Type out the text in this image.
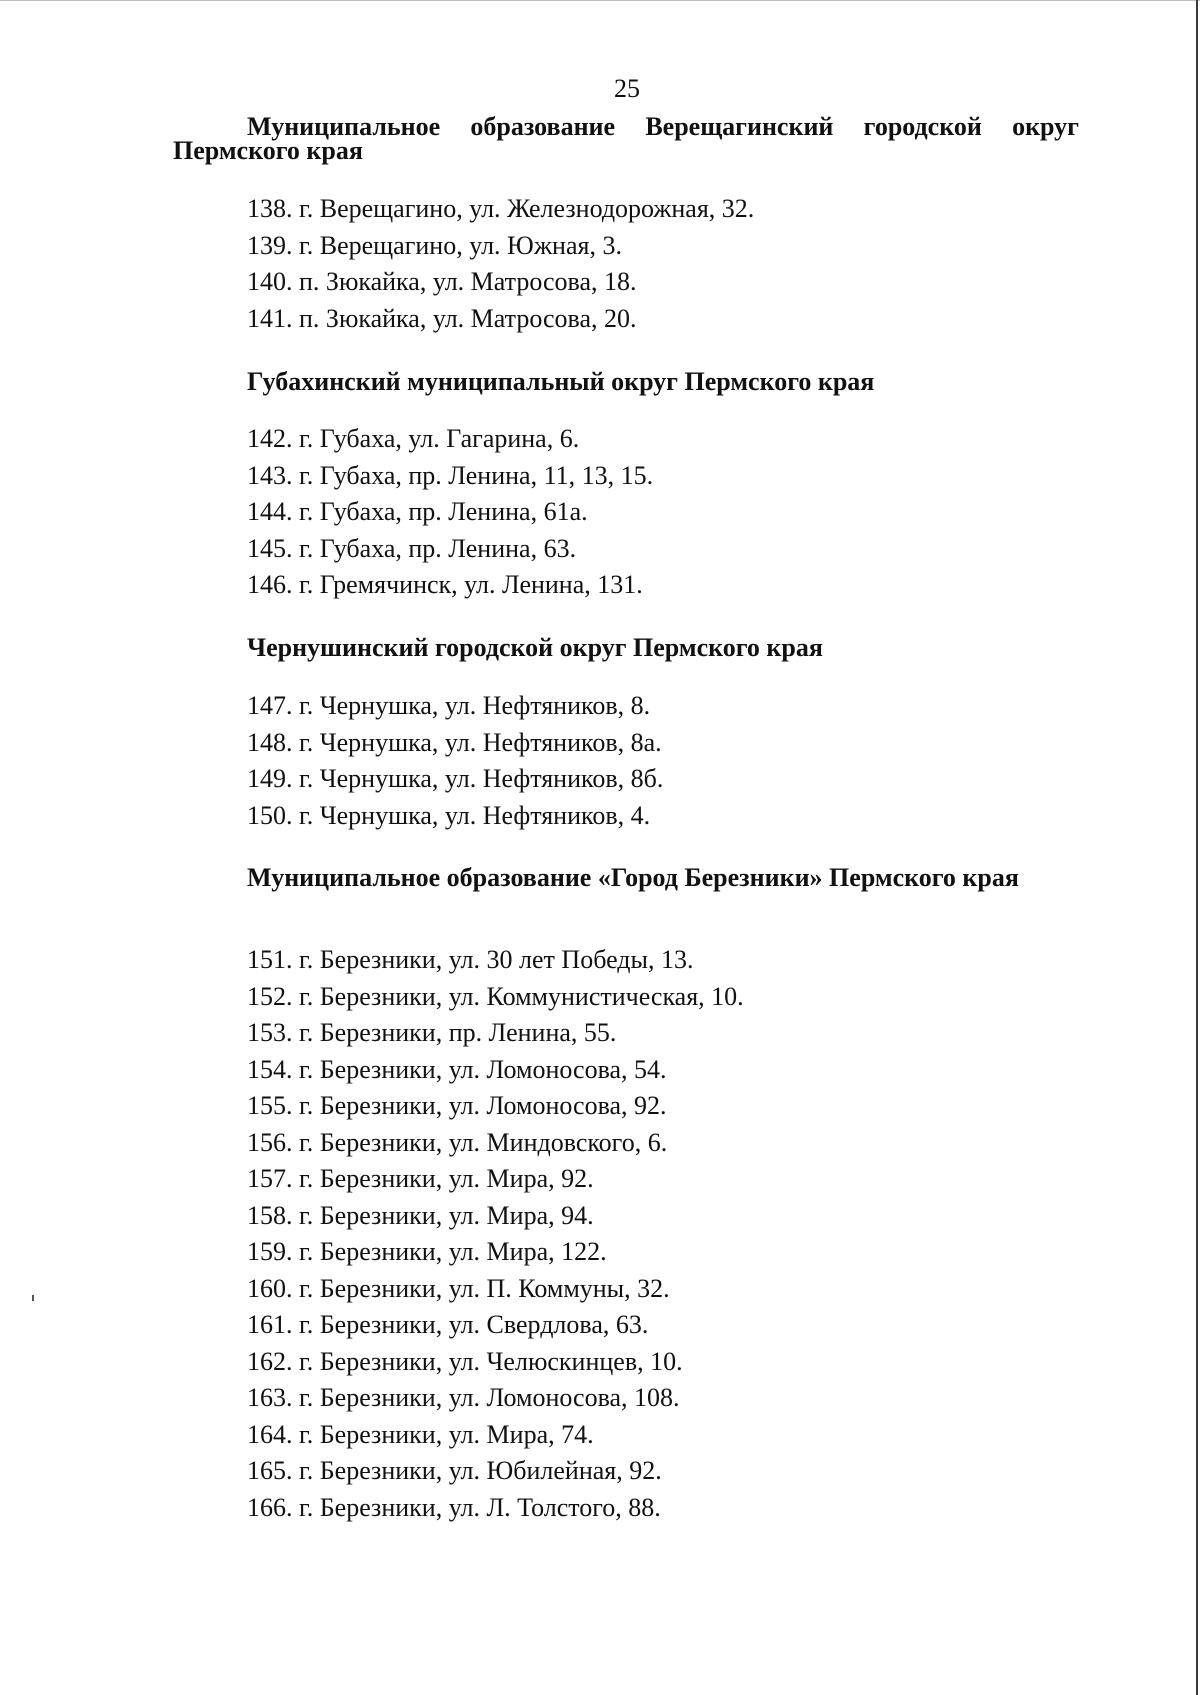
25
Муниципальное образование Верещагинский городской округ Пермского края
138. г. Верещагино, ул. Железнодорожная, 32.
139. г. Верещагино, ул. Южная, 3.
140. п. Зюкайка, ул. Матросова, 18.
141. п. Зюкайка, ул. Матросова, 20.
Губахинский муниципальный округ Пермского края
142. г. Губаха, ул. Гагарина, 6.
143. г. Губаха, пр. Ленина, 11, 13, 15.
144. г. Губаха, пр. Ленина, 61а.
145. г. Губаха, пр. Ленина, 63.
146. г. Гремячинск, ул. Ленина, 131.
Чернушинский городской округ Пермского края
147. г. Чернушка, ул. Нефтяников, 8.
148. г. Чернушка, ул. Нефтяников, 8а.
149. г. Чернушка, ул. Нефтяников, 8б.
150. г. Чернушка, ул. Нефтяников, 4.
Муниципальное образование «Город Березники» Пермского края
151. г. Березники, ул. 30 лет Победы, 13.
152. г. Березники, ул. Коммунистическая, 10.
153. г. Березники, пр. Ленина, 55.
154. г. Березники, ул. Ломоносова, 54.
155. г. Березники, ул. Ломоносова, 92.
156. г. Березники, ул. Миндовского, 6.
157. г. Березники, ул. Мира, 92.
158. г. Березники, ул. Мира, 94.
159. г. Березники, ул. Мира, 122.
160. г. Березники, ул. П. Коммуны, 32.
161. г. Березники, ул. Свердлова, 63.
162. г. Березники, ул. Челюскинцев, 10.
163. г. Березники, ул. Ломоносова, 108.
164. г. Березники, ул. Мира, 74.
165. г. Березники, ул. Юбилейная, 92.
166. г. Березники, ул. Л. Толстого, 88.
